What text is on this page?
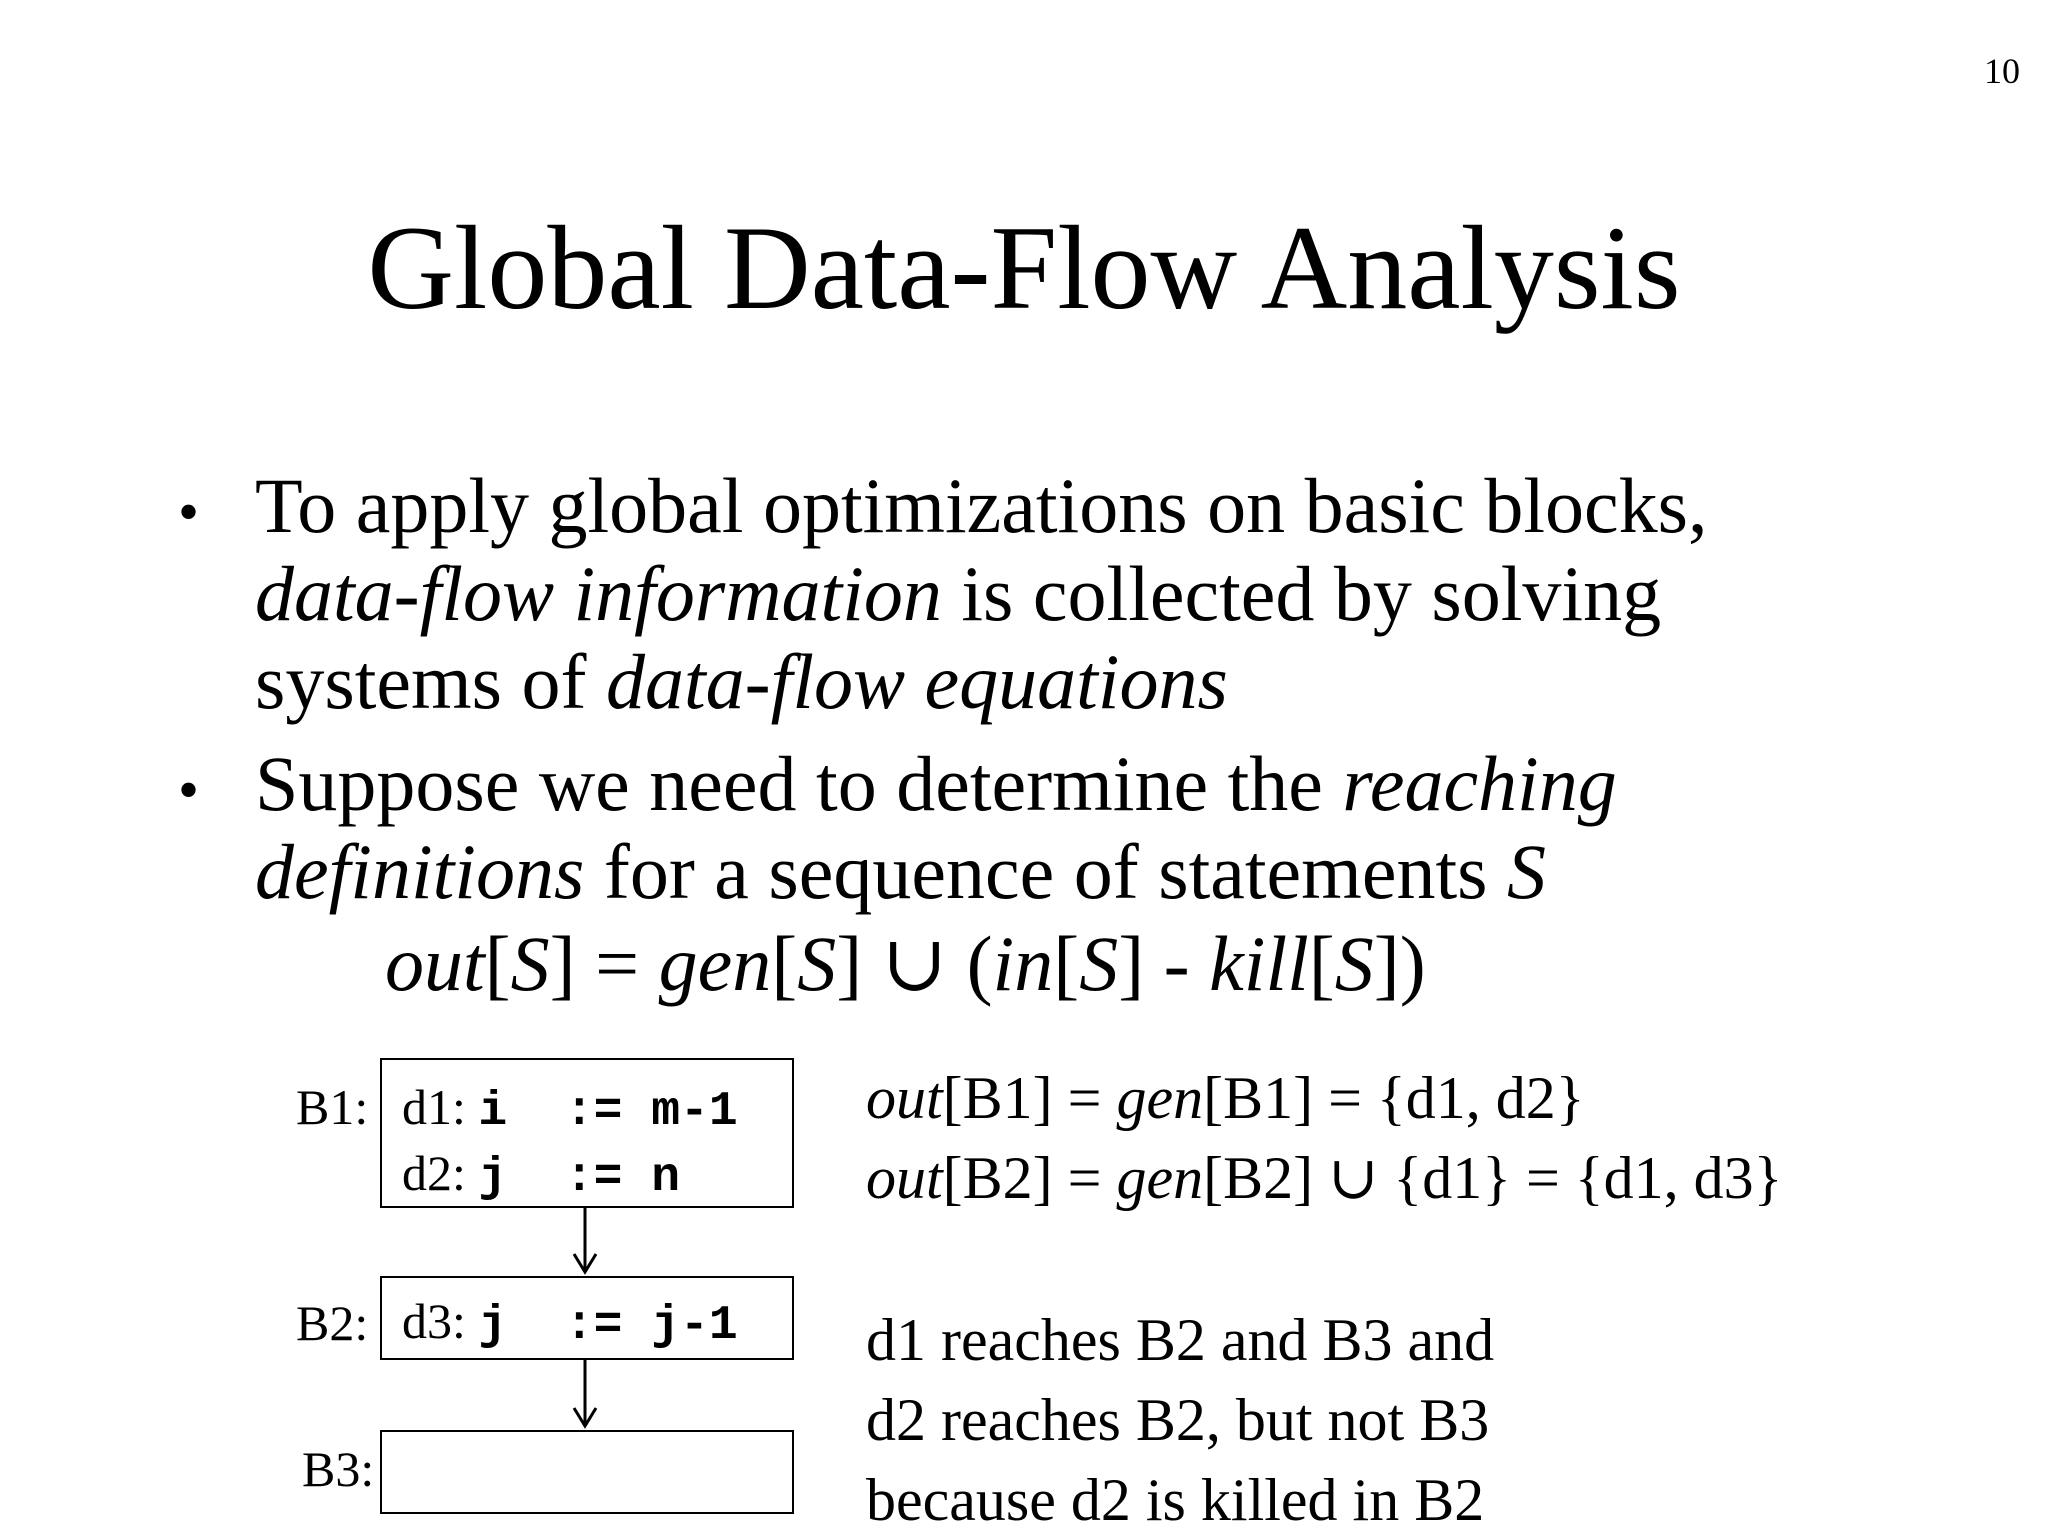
10
Global Data-Flow Analysis
• To apply global optimizations on basic blocks,
data-flow information is collected by solving
systems of data-flow equations
• Suppose we need to determine the reaching
definitions for a sequence of statements S
out[S] = gen[S] ∪ (in[S] - kill[S])
B1: d1: i  := m-1
d2: j  := n
B2: d3: j  := j-1
B3:
out[B1] = gen[B1] = {d1, d2}
out[B2] = gen[B2] ∪ {d1} = {d1, d3}
d1 reaches B2 and B3 and
d2 reaches B2, but not B3
because d2 is killed in B2
